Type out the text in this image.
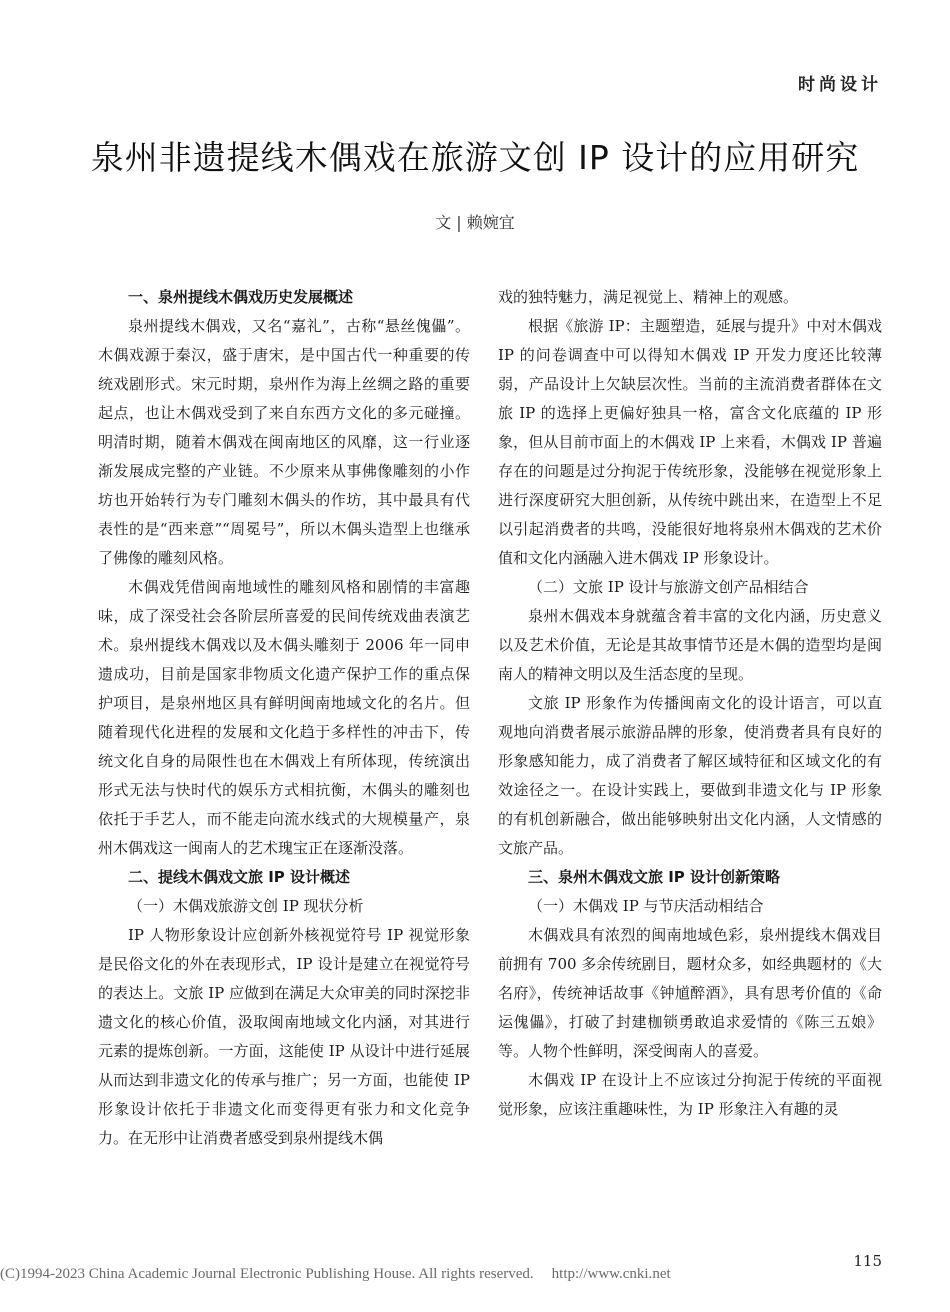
时尚设计
泉州非遗提线木偶戏在旅游文创 IP 设计的应用研究
文 | 赖婉宜
一、泉州提线木偶戏历史发展概述

泉州提线木偶戏，又名“嘉礼”，古称“悬丝傀儡”。木偶戏源于秦汉，盛于唐宋，是中国古代一种重要的传统戏剧形式。宋元时期，泉州作为海上丝绸之路的重要起点，也让木偶戏受到了来自东西方文化的多元碰撞。明清时期，随着木偶戏在闽南地区的风靡，这一行业逐渐发展成完整的产业链。不少原来从事佛像雕刻的小作坊也开始转行为专门雕刻木偶头的作坊，其中最具有代表性的是“西来意”“周冕号”，所以木偶头造型上也继承了佛像的雕刻风格。

木偶戏凭借闽南地域性的雕刻风格和剧情的丰富趣味，成了深受社会各阶层所喜爱的民间传统戏曲表演艺术。泉州提线木偶戏以及木偶头雕刻于 2006 年一同申遗成功，目前是国家非物质文化遗产保护工作的重点保护项目，是泉州地区具有鲜明闽南地域文化的名片。但随着现代化进程的发展和文化趋于多样性的冲击下，传统文化自身的局限性也在木偶戏上有所体现，传统演出形式无法与快时代的娱乐方式相抗衡，木偶头的雕刻也依托于手艺人，而不能走向流水线式的大规模量产，泉州木偶戏这一闽南人的艺术瑰宝正在逐渐没落。

二、提线木偶戏文旅 IP 设计概述
（一）木偶戏旅游文创 IP 现状分析

IP 人物形象设计应创新外核视觉符号 IP 视觉形象是民俗文化的外在表现形式，IP 设计是建立在视觉符号的表达上。文旅 IP 应做到在满足大众审美的同时深挖非遗文化的核心价值，汲取闽南地域文化内涵，对其进行元素的提炼创新。一方面，这能使 IP 从设计中进行延展从而达到非遗文化的传承与推广；另一方面，也能使 IP 形象设计依托于非遗文化而变得更有张力和文化竞争力。在无形中让消费者感受到泉州提线木偶

戏的独特魅力，满足视觉上、精神上的观感。

根据《旅游 IP：主题塑造，延展与提升》中对木偶戏 IP 的问卷调查中可以得知木偶戏 IP 开发力度还比较薄弱，产品设计上欠缺层次性。当前的主流消费者群体在文旅 IP 的选择上更偏好独具一格，富含文化底蕴的 IP 形象，但从目前市面上的木偶戏 IP 上来看，木偶戏 IP 普遍存在的问题是过分拘泥于传统形象，没能够在视觉形象上进行深度研究大胆创新，从传统中跳出来，在造型上不足以引起消费者的共鸣，没能很好地将泉州木偶戏的艺术价值和文化内涵融入进木偶戏 IP 形象设计。

（二）文旅 IP 设计与旅游文创产品相结合

泉州木偶戏本身就蕴含着丰富的文化内涵，历史意义以及艺术价值，无论是其故事情节还是木偶的造型均是闽南人的精神文明以及生活态度的呈现。

文旅 IP 形象作为传播闽南文化的设计语言，可以直观地向消费者展示旅游品牌的形象，使消费者具有良好的形象感知能力，成了消费者了解区域特征和区域文化的有效途径之一。在设计实践上，要做到非遗文化与 IP 形象的有机创新融合，做出能够映射出文化内涵，人文情感的文旅产品。

三、泉州木偶戏文旅 IP 设计创新策略
（一）木偶戏 IP 与节庆活动相结合

木偶戏具有浓烈的闽南地域色彩，泉州提线木偶戏目前拥有 700 多余传统剧目，题材众多，如经典题材的《大名府》，传统神话故事《钟馗醉酒》，具有思考价值的《命运傀儡》，打破了封建枷锁勇敢追求爱情的《陈三五娘》等。人物个性鲜明，深受闽南人的喜爱。

木偶戏 IP 在设计上不应该过分拘泥于传统的平面视觉形象，应该注重趣味性，为 IP 形象注入有趣的灵

115
(C)1994-2023 China Academic Journal Electronic Publishing House. All rights reserved. http://www.cnki.net
